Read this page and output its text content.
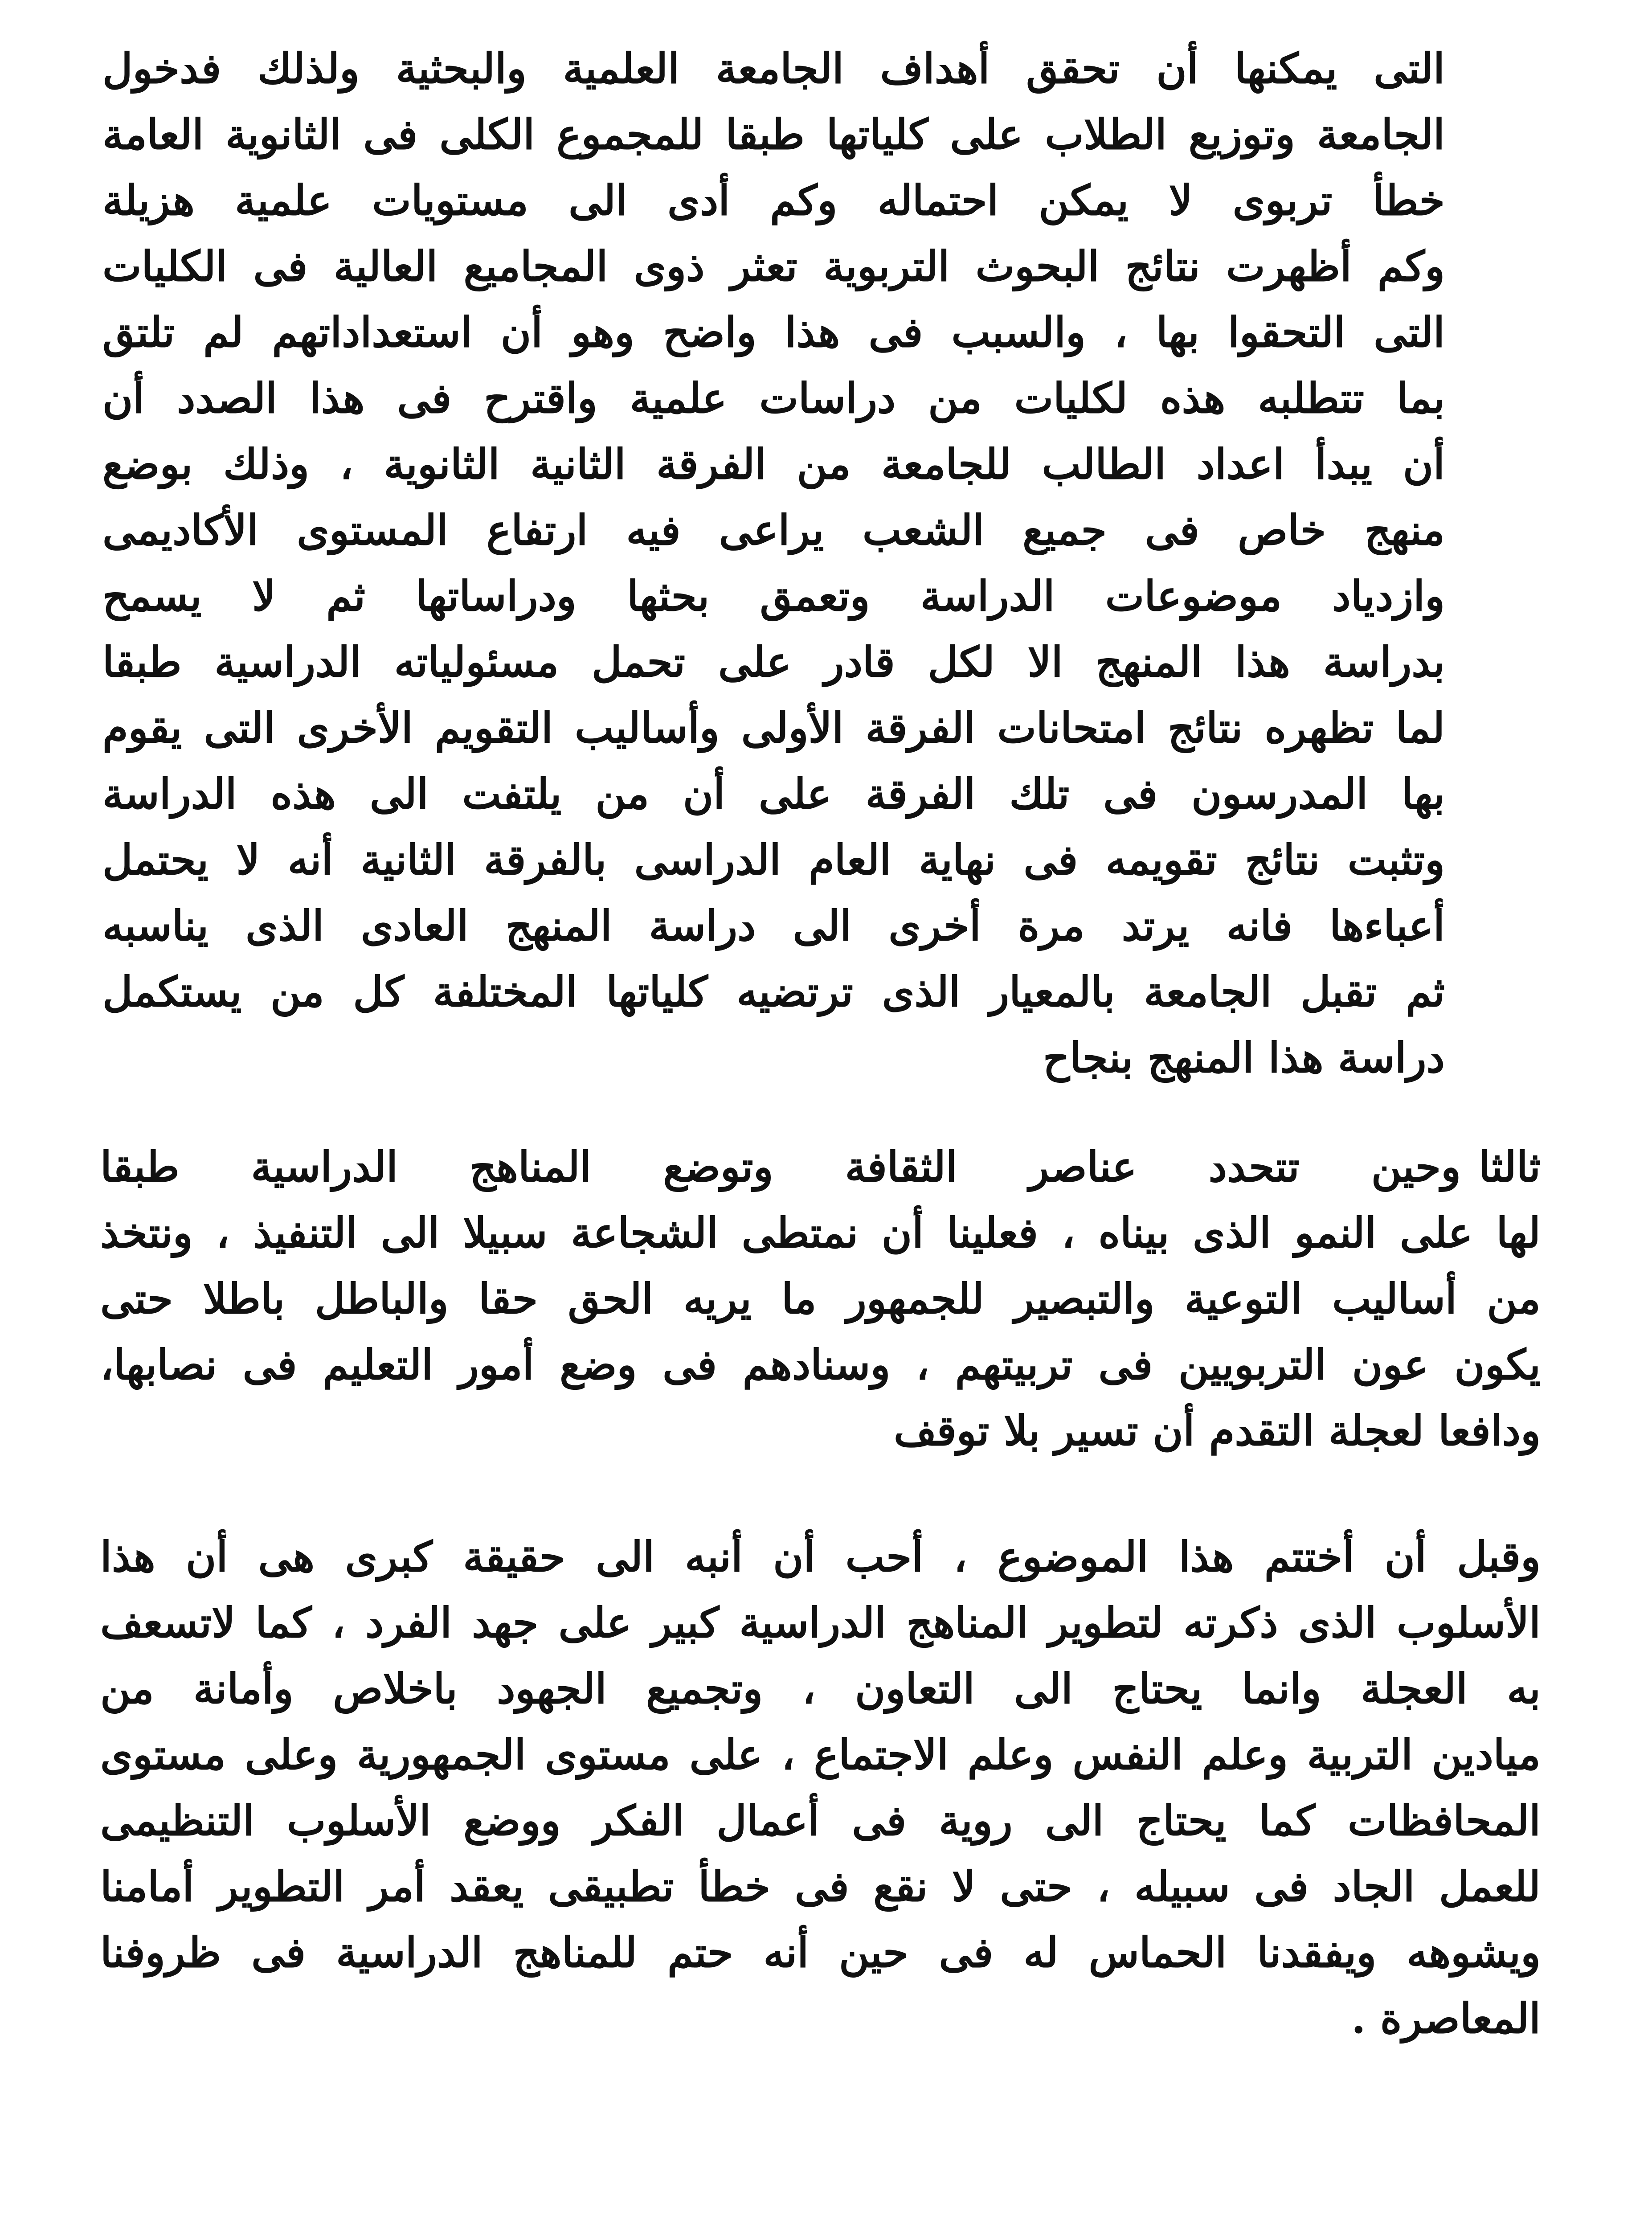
التى يمكنها أن تحقق أهداف الجامعة العلمية والبحثية ولذلك فدخول
الجامعة وتوزيع الطلاب على كلياتها طبقا للمجموع الكلى فى الثانوية العامة
خطأ تربوى لا يمكن احتماله وكم أدى الى مستويات علمية هزيلة
وكم أظهرت نتائج البحوث التربوية تعثر ذوى المجاميع العالية فى الكليات
التى التحقوا بها ، والسبب فى هذا واضح وهو أن استعداداتهم لم تلتق
بما تتطلبه هذه لكليات من دراسات علمية واقترح فى هذا الصدد أن
أن يبدأ اعداد الطالب للجامعة من الفرقة الثانية الثانوية ، وذلك بوضع
منهج خاص فى جميع الشعب يراعى فيه ارتفاع المستوى الأكاديمى
وازدياد موضوعات الدراسة وتعمق بحثها ودراساتها ثم لا يسمح
بدراسة هذا المنهج الا لكل قادر على تحمل مسئولياته الدراسية طبقا
لما تظهره نتائج امتحانات الفرقة الأولى وأساليب التقويم الأخرى التى يقوم
بها المدرسون فى تلك الفرقة على أن من يلتفت الى هذه الدراسة
وتثبت نتائج تقويمه فى نهاية العام الدراسى بالفرقة الثانية أنه لا يحتمل
أعباءها فانه يرتد مرة أخرى الى دراسة المنهج العادى الذى يناسبه
ثم تقبل الجامعة بالمعيار الذى ترتضيه كلياتها المختلفة كل من يستكمل
دراسة هذا المنهج بنجاح
ثالثاوحين تتحدد عناصر الثقافة وتوضع المناهج الدراسية طبقا
لها على النمو الذى بيناه ، فعلينا أن نمتطى الشجاعة سبيلا الى التنفيذ ، ونتخذ
من أساليب التوعية والتبصير للجمهور ما يريه الحق حقا والباطل باطلا حتى
يكون عون التربويين فى تربيتهم ، وسنادهم فى وضع أمور التعليم فى نصابها،
ودافعا لعجلة التقدم أن تسير بلا توقف
وقبل أن أختتم هذا الموضوع ، أحب أن أنبه الى حقيقة كبرى هى أن هذا
الأسلوب الذى ذكرته لتطوير المناهج الدراسية كبير على جهد الفرد ، كما لاتسعف
به العجلة وانما يحتاج الى التعاون ، وتجميع الجهود باخلاص وأمانة من
ميادين التربية وعلم النفس وعلم الاجتماع ، على مستوى الجمهورية وعلى مستوى
المحافظات كما يحتاج الى روية فى أعمال الفكر ووضع الأسلوب التنظيمى
للعمل الجاد فى سبيله ، حتى لا نقع فى خطأ تطبيقى يعقد أمر التطوير أمامنا
ويشوهه ويفقدنا الحماس له فى حين أنه حتم للمناهج الدراسية فى ظروفنا
المعاصرة .
